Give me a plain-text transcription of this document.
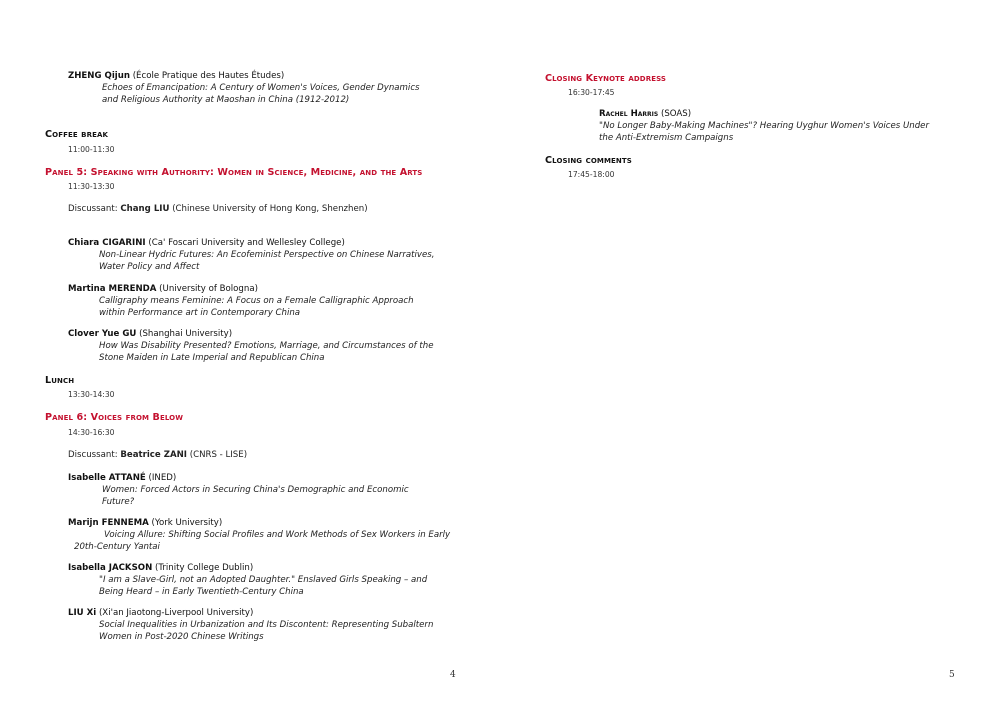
ZHENG Qijun (École Pratique des Hautes Études)
Echoes of Emancipation: A Century of Women's Voices, Gender Dynamics
and Religious Authority at Maoshan in China (1912-2012)
Coffee break
11:00-11:30
Panel 5: Speaking with Authority: Women in Science, Medicine, and the Arts
11:30-13:30
Discussant: Chang LIU (Chinese University of Hong Kong, Shenzhen)
Chiara CIGARINI (Ca' Foscari University and Wellesley College)
Non-Linear Hydric Futures: An Ecofeminist Perspective on Chinese Narratives,
Water Policy and Affect
Martina MERENDA (University of Bologna)
Calligraphy means Feminine: A Focus on a Female Calligraphic Approach
within Performance art in Contemporary China
Clover Yue GU (Shanghai University)
How Was Disability Presented? Emotions, Marriage, and Circumstances of the
Stone Maiden in Late Imperial and Republican China
Lunch
13:30-14:30
Panel 6: Voices from Below
14:30-16:30
Discussant: Beatrice ZANI (CNRS - LISE)
Isabelle ATTANÉ (INED)
Women: Forced Actors in Securing China's Demographic and Economic
Future?
Marijn FENNEMA (York University)
Voicing Allure: Shifting Social Profiles and Work Methods of Sex Workers in Early
20th-Century Yantai
Isabella JACKSON (Trinity College Dublin)
"I am a Slave-Girl, not an Adopted Daughter." Enslaved Girls Speaking – and
Being Heard – in Early Twentieth-Century China
LIU Xi (Xi'an Jiaotong-Liverpool University)
Social Inequalities in Urbanization and Its Discontent: Representing Subaltern
Women in Post-2020 Chinese Writings
4
Closing Keynote address
16:30-17:45
Rachel Harris (SOAS)
"No Longer Baby-Making Machines"? Hearing Uyghur Women's Voices Under
the Anti-Extremism Campaigns
Closing comments
17:45-18:00
5
